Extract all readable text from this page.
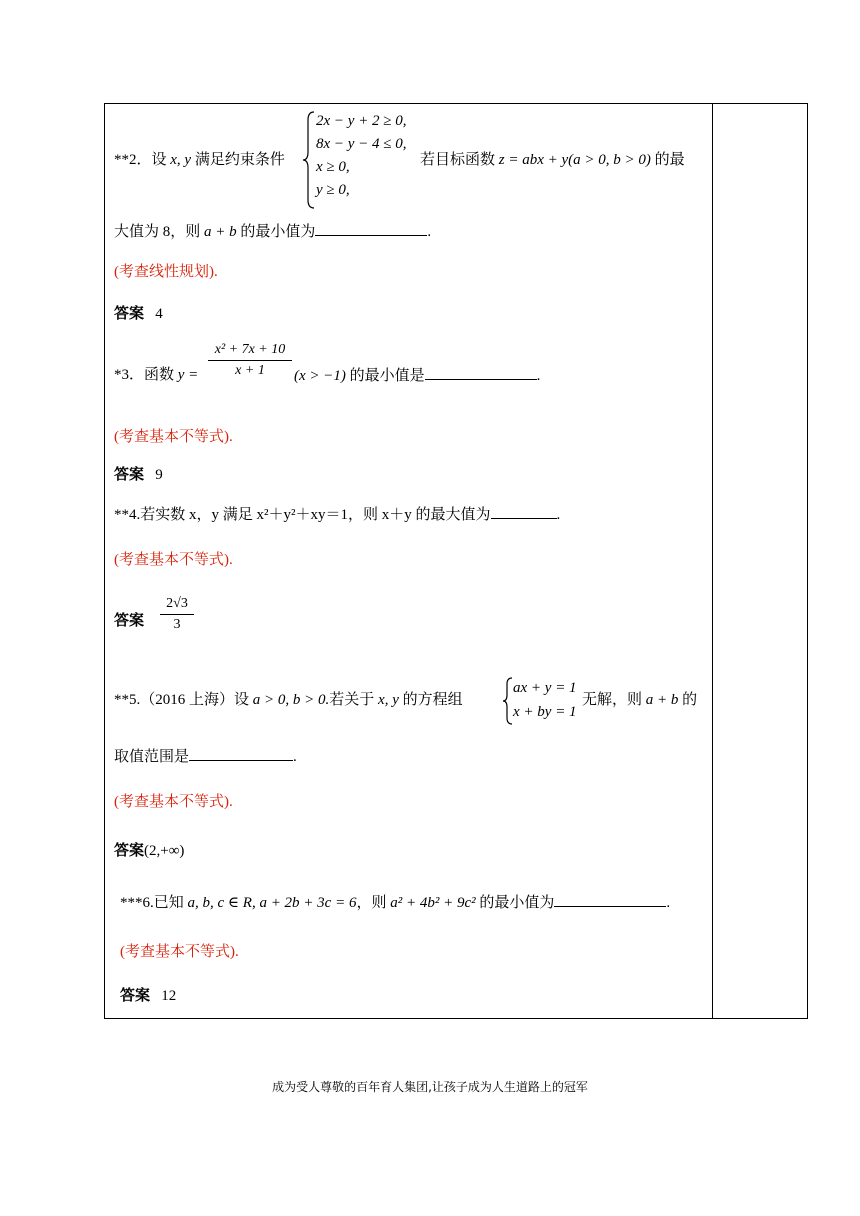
**2．设 x, y 满足约束条件
2x − y + 2 ≥ 0,
8x − y − 4 ≤ 0,
x ≥ 0,
y ≥ 0,
若目标函数 z = abx + y(a > 0, b > 0) 的最
大值为 8，则 a + b 的最小值为	.
(考查线性规划).
答案 4
*3．函数 y =
x² + 7x + 10
x + 1	(x > −1) 的最小值是	.
(考查基本不等式).
答案 9
**4.若实数 x，y 满足 x²＋y²＋xy＝1，则 x＋y 的最大值为	.
(考查基本不等式).
答案
2√3
3
**5.（2016 上海）设 a > 0, b > 0.若关于 x, y 的方程组
ax + y = 1
x + by = 1
无解，则 a + b 的
取值范围是	.
(考查基本不等式).
答案(2,+∞)
***6.已知 a, b, c ∈ R, a + 2b + 3c = 6，则 a² + 4b² + 9c² 的最小值为	.
(考查基本不等式).
答案 12
成为受人尊敬的百年育人集团,让孩子成为人生道路上的冠军
